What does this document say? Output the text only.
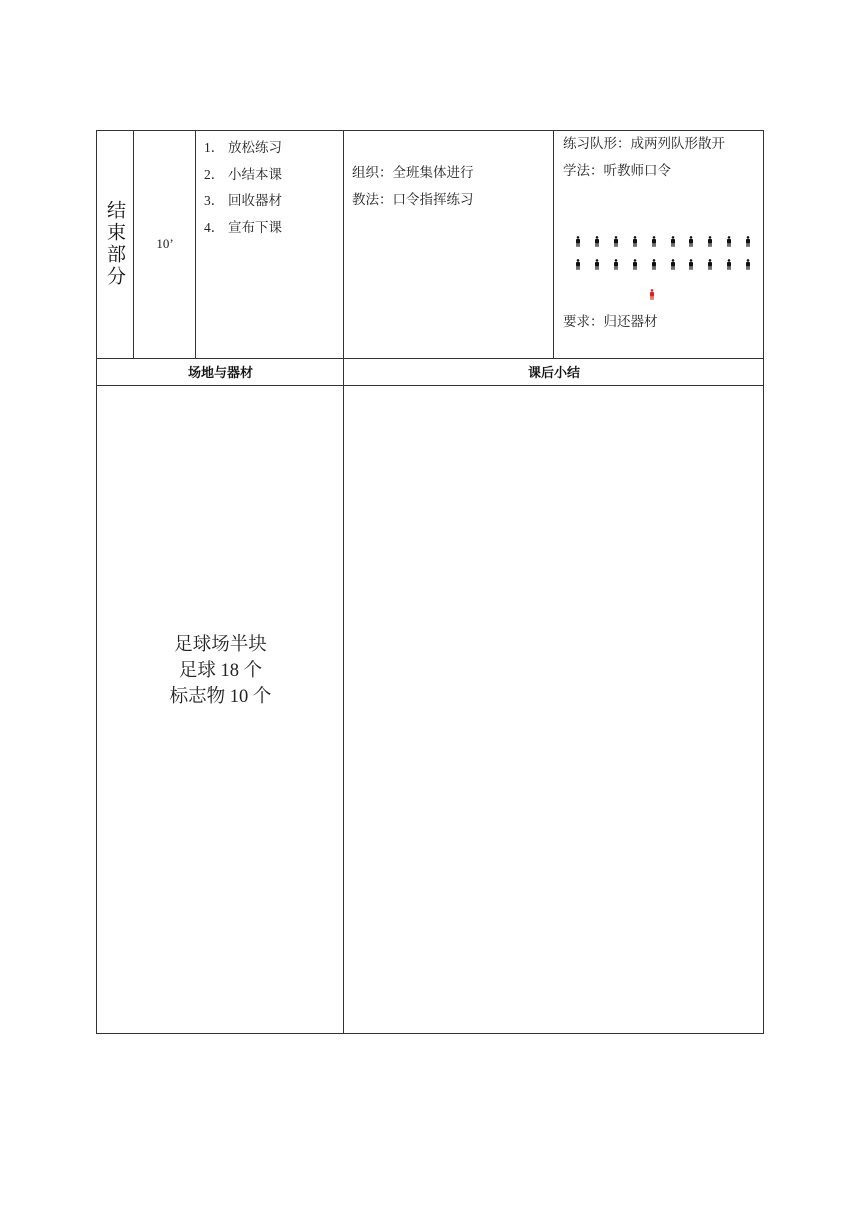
结束部分 10’
1． 放松练习
2． 小结本课
3． 回收器材
4． 宣布下课
组织：全班集体进行
教法：口令指挥练习
练习队形：成两列队形散开
学法：听教师口令
要求：归还器材
场地与器材	课后小结
足球场半块
足球 18 个
标志物 10 个
